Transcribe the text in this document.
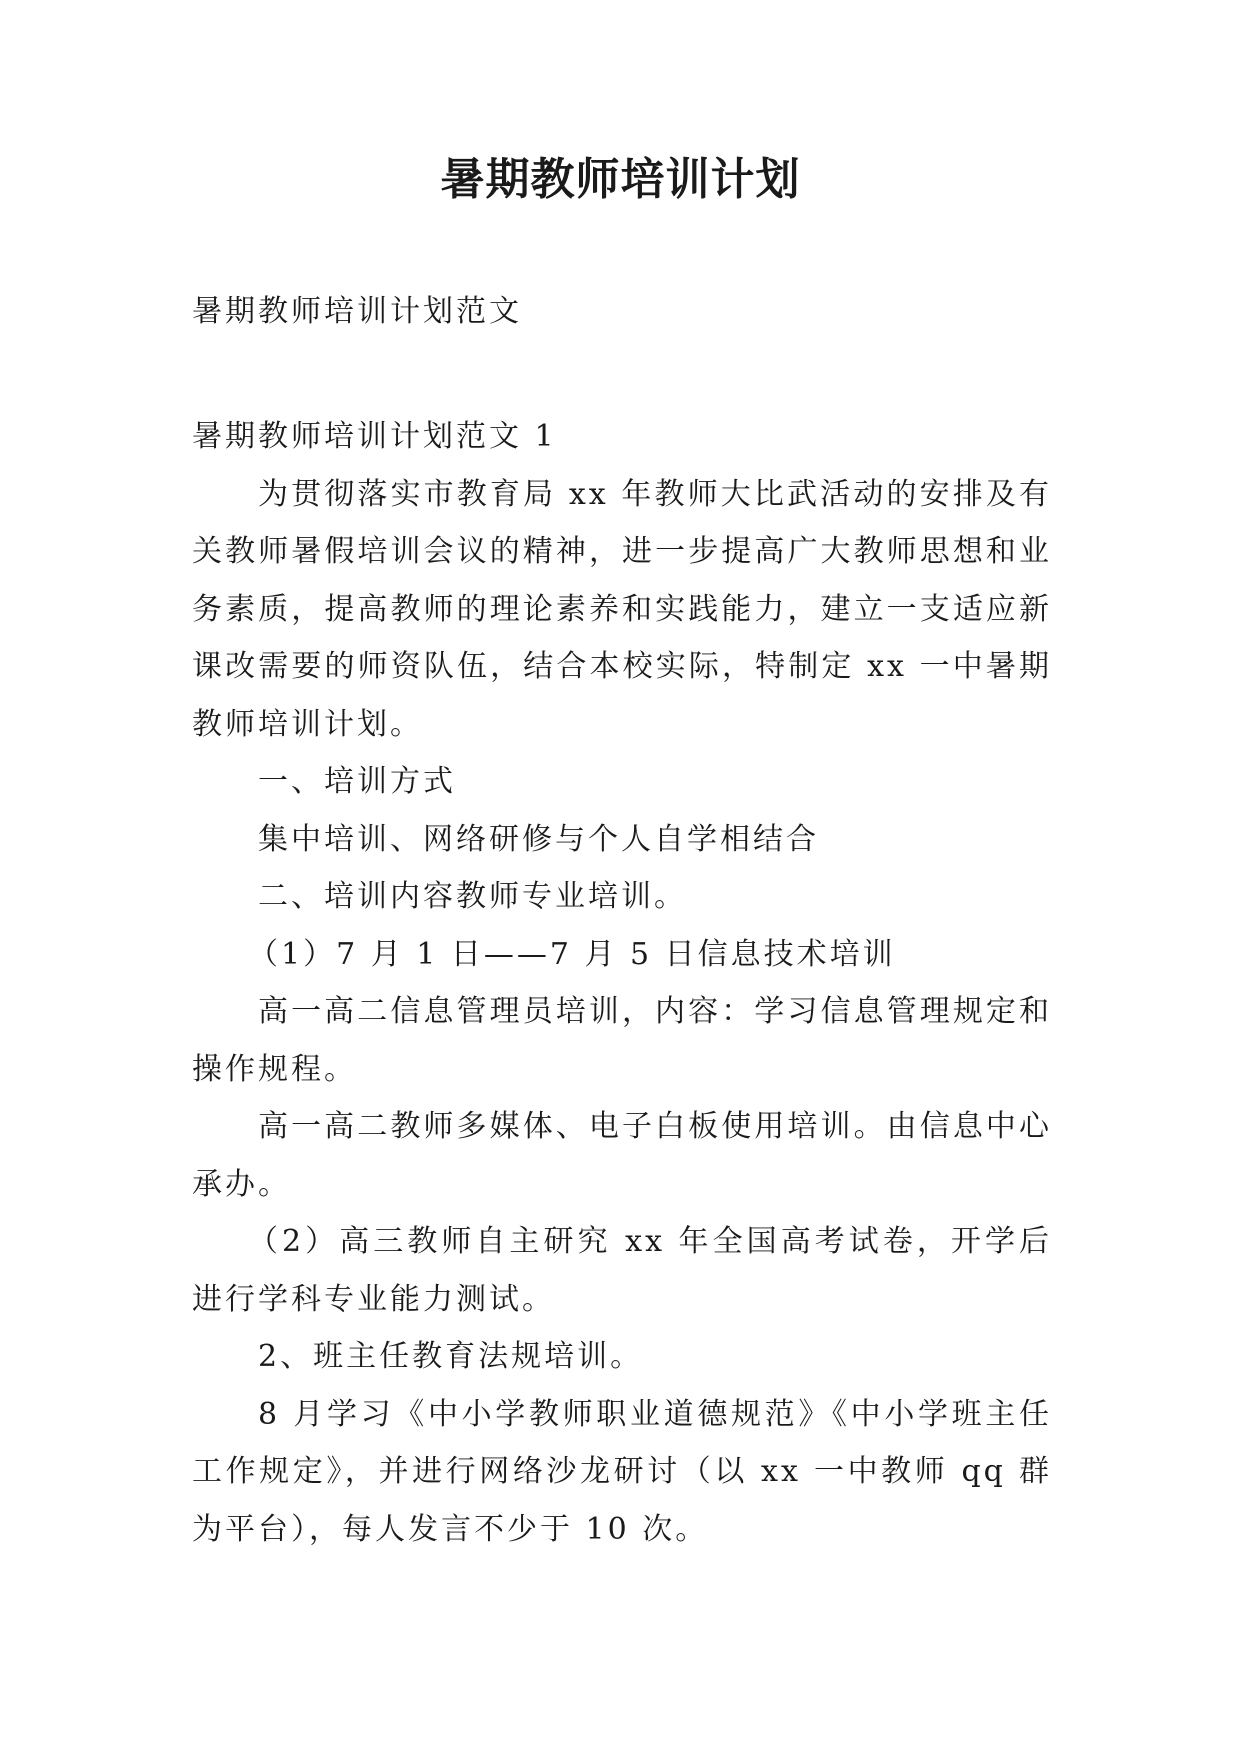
暑期教师培训计划

暑期教师培训计划范文

暑期教师培训计划范文 1

为贯彻落实市教育局 xx 年教师大比武活动的安排及有关教师暑假培训会议的精神，进一步提高广大教师思想和业务素质，提高教师的理论素养和实践能力，建立一支适应新课改需要的师资队伍，结合本校实际，特制定 xx 一中暑期教师培训计划。

一、培训方式

集中培训、网络研修与个人自学相结合

二、培训内容教师专业培训。

（1）7 月 1 日——7 月 5 日信息技术培训

高一高二信息管理员培训，内容：学习信息管理规定和操作规程。

高一高二教师多媒体、电子白板使用培训。由信息中心承办。

（2）高三教师自主研究 xx 年全国高考试卷，开学后进行学科专业能力测试。

2、班主任教育法规培训。

8 月学习《中小学教师职业道德规范》《中小学班主任工作规定》，并进行网络沙龙研讨（以 xx 一中教师 qq 群为平台），每人发言不少于 10 次。
